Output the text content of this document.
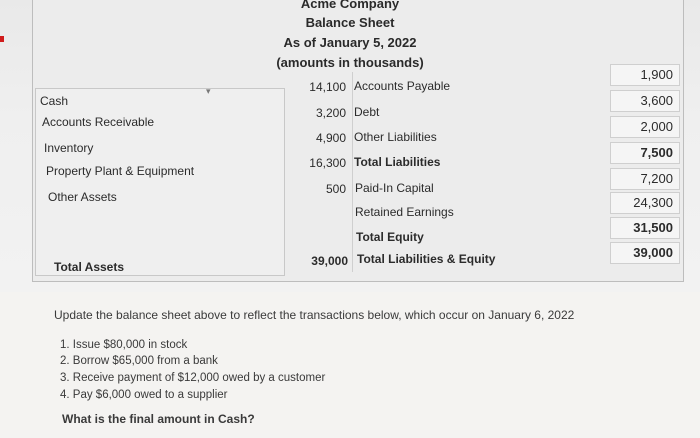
▾
Acme Company
Balance Sheet
As of January 5, 2022
(amounts in thousands)
Cash
Accounts Receivable
Inventory
Property Plant & Equipment
Other Assets
Total Assets
14,100
3,200
4,900
16,300
500
39,000
Accounts Payable
Debt
Other Liabilities
Total Liabilities
Paid-In Capital
Retained Earnings
Total Equity
Total Liabilities & Equity
1,900
3,600
2,000
7,500
7,200
24,300
31,500
39,000
Update the balance sheet above to reflect the transactions below, which occur on January 6, 2022
1. Issue $80,000 in stock
2. Borrow $65,000 from a bank
3. Receive payment of $12,000 owed by a customer
4. Pay $6,000 owed to a supplier
What is the final amount in Cash?
